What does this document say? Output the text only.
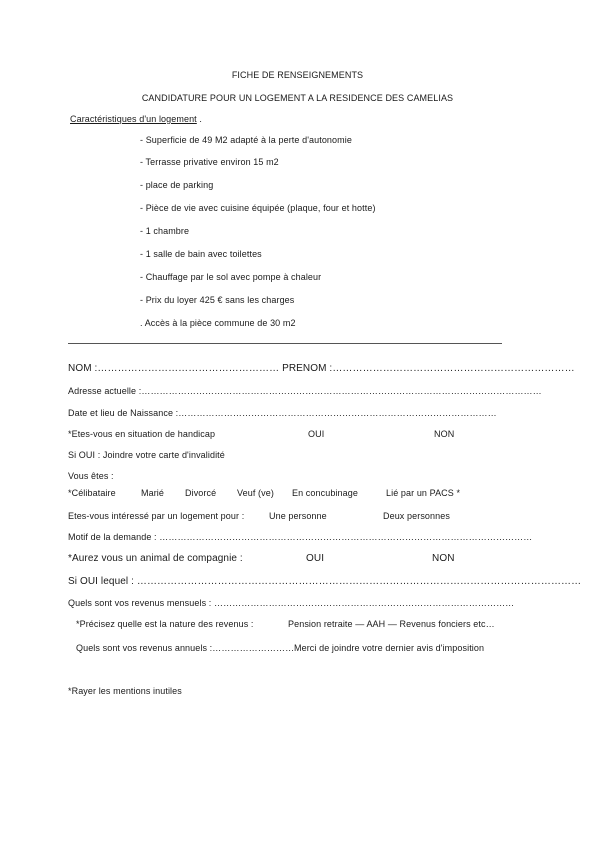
FICHE DE RENSEIGNEMENTS
CANDIDATURE POUR UN LOGEMENT A LA RESIDENCE DES CAMELIAS
Caractéristiques d'un logement .
- Superficie de 49 M2 adapté à la perte d'autonomie
- Terrasse privative environ 15 m2
- place de parking
- Pièce de vie avec cuisine équipée (plaque, four et hotte)
- 1 chambre
- 1 salle de bain avec toilettes
- Chauffage par le sol avec pompe à chaleur
- Prix du loyer 425 € sans les charges
. Accès à la pièce commune de 30 m2
NOM :……………………………………………… PRENOM :………………………………………………………………
Adresse actuelle :……………………………………………………………………………………………………………………
Date et lieu de Naissance :……………………………………………………………………………………………
*Etes-vous en situation de handicap	OUI	NON
Si OUI : Joindre votre carte d'invalidité
Vous êtes :
*Célibataire	Marié Divorcé Veuf (ve) En concubinage	Lié par un PACS *
Etes-vous intéressé par un logement pour :	Une personne	Deux personnes
Motif de la demande : ……………………………………………………………………………………………………………
*Aurez vous un animal de compagnie :	OUI	NON
Si OUI lequel : ……………………………………………………………………………………………………………………
Quels sont vos revenus mensuels : ………………………………………………………………………………………
*Précisez quelle est la nature des revenus :	Pension retraite — AAH — Revenus fonciers etc…
Quels sont vos revenus annuels :……………………… Merci de joindre votre dernier avis d'imposition
*Rayer les mentions inutiles
